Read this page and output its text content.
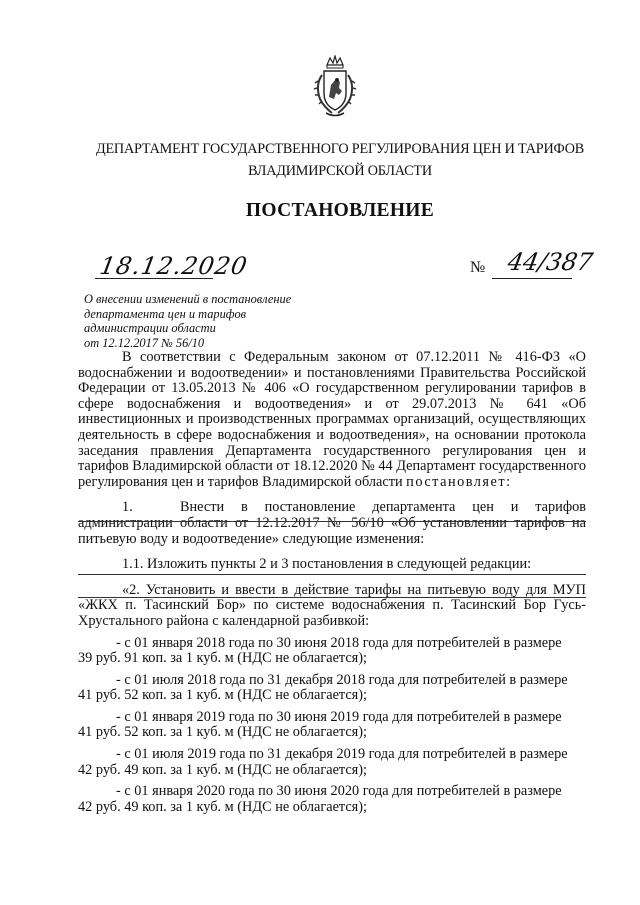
ДЕПАРТАМЕНТ ГОСУДАРСТВЕННОГО РЕГУЛИРОВАНИЯ ЦЕН И ТАРИФОВ
ВЛАДИМИРСКОЙ ОБЛАСТИ
ПОСТАНОВЛЕНИЕ
18.12.2020	№ 44/387
О внесении изменений в постановление
департамента цен и тарифов
администрации области
от 12.12.2017 № 56/10

В соответствии с Федеральным законом от 07.12.2011 № 416-ФЗ «О водоснабжении и водоотведении» и постановлениями Правительства Российской Федерации от 13.05.2013 № 406 «О государственном регулировании тарифов в сфере водоснабжения и водоотведения» и от 29.07.2013 № 641 «Об инвестиционных и производственных программах организаций, осуществляющих деятельность в сфере водоснабжения и водоотведения», на основании протокола заседания правления Департамента государственного регулирования цен и тарифов Владимирской области от 18.12.2020 № 44 Департамент государственного регулирования цен и тарифов Владимирской области постановляет:

1.	Внести в постановление департамента цен и тарифов администрации области от 12.12.2017 № 56/10 «Об установлении тарифов на питьевую воду и водоотведение» следующие изменения:

1.1. Изложить пункты 2 и 3 постановления в следующей редакции:

«2. Установить и ввести в действие тарифы на питьевую воду для МУП «ЖКХ п. Тасинский Бор» по системе водоснабжения п. Тасинский Бор Гусь-Хрустального района с календарной разбивкой:

- с 01 января 2018 года по 30 июня 2018 года для потребителей в размере

39 руб. 91 коп. за 1 куб. м (НДС не облагается);

- с 01 июля 2018 года по 31 декабря 2018 года для потребителей в размере

41 руб. 52 коп. за 1 куб. м (НДС не облагается);

- с 01 января 2019 года по 30 июня 2019 года для потребителей в размере

41 руб. 52 коп. за 1 куб. м (НДС не облагается);

- с 01 июля 2019 года по 31 декабря 2019 года для потребителей в размере

42 руб. 49 коп. за 1 куб. м (НДС не облагается);

- с 01 января 2020 года по 30 июня 2020 года для потребителей в размере

42 руб. 49 коп. за 1 куб. м (НДС не облагается);
